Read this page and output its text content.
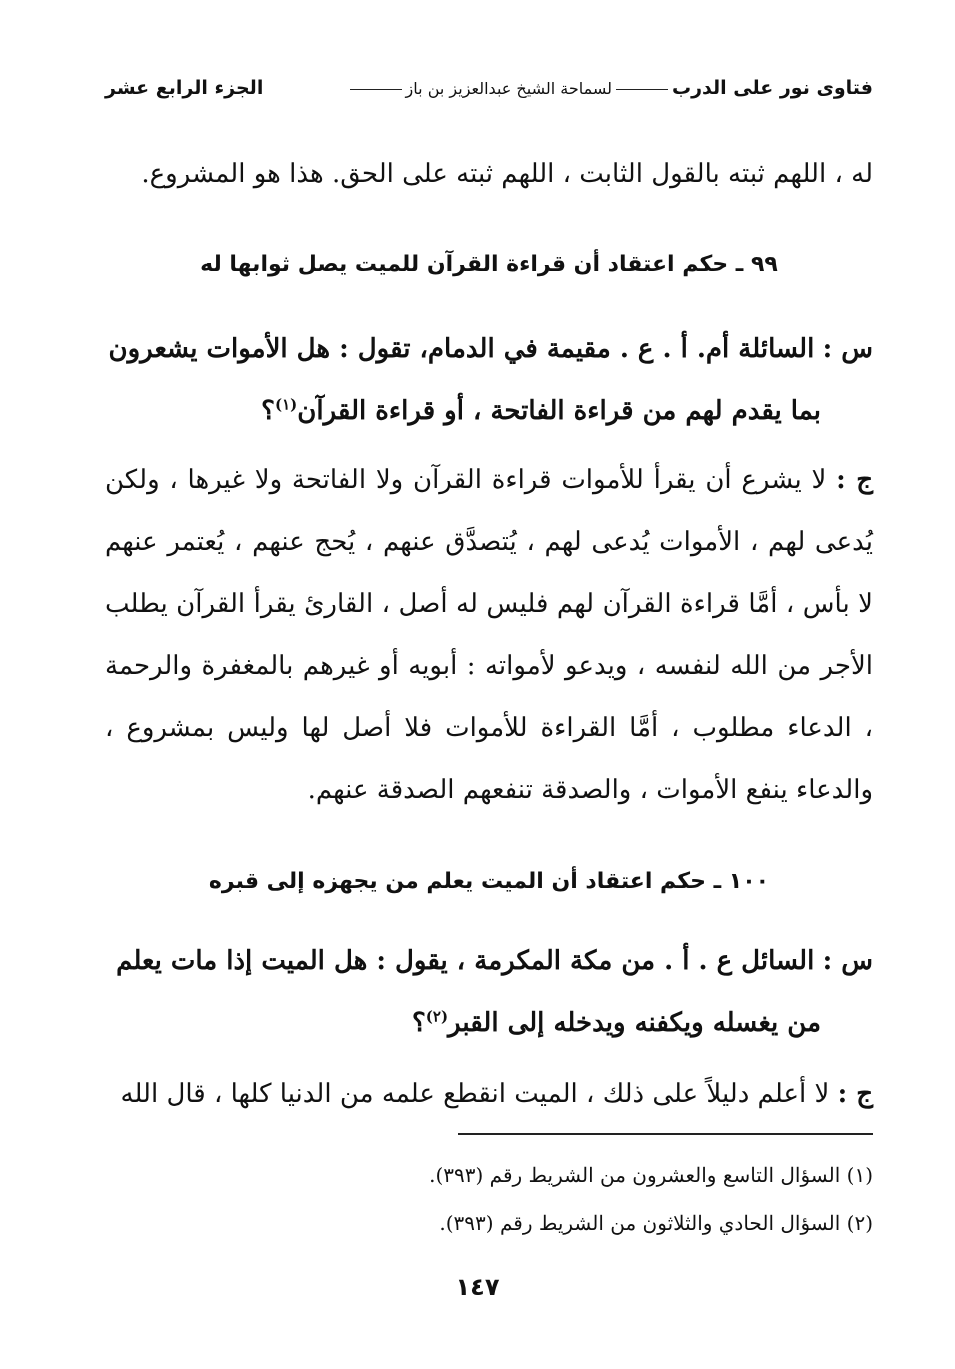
فتاوى نور على الدربلسماحة الشيخ عبدالعزيز بن باز
الجزء الرابع عشر

له ، اللهم ثبته بالقول الثابت ، اللهم ثبته على الحق. هذا هو المشروع.

٩٩ ـ حكم اعتقاد أن قراءة القرآن للميت يصل ثوابها له

س : السائلة أم. أ . ع . مقيمة في الدمام، تقول : هل الأموات يشعرون
بما يقدم لهم من قراءة الفاتحة ، أو قراءة القرآن$^{(١)}$؟

ج : لا يشرع أن يقرأ للأموات قراءة القرآن ولا الفاتحة ولا غيرها ، ولكن يُدعى لهم ، الأموات يُدعى لهم ، يُتصدَّق عنهم ، يُحج عنهم ، يُعتمر عنهم لا بأس ، أمَّا قراءة القرآن لهم فليس له أصل ، القارئ يقرأ القرآن يطلب الأجر من الله لنفسه ، ويدعو لأمواته : أبويه أو غيرهم بالمغفرة والرحمة ، الدعاء مطلوب ، أمَّا القراءة للأموات فلا أصل لها وليس بمشروع ، والدعاء ينفع الأموات ، والصدقة تنفعهم الصدقة عنهم.

١٠٠ ـ حكم اعتقاد أن الميت يعلم من يجهزه إلى قبره

س : السائل ع . أ . من مكة المكرمة ، يقول : هل الميت إذا مات يعلم
من يغسله ويكفنه ويدخله إلى القبر$^{(٢)}$؟

ج : لا أعلم دليلاً على ذلك ، الميت انقطع علمه من الدنيا كلها ، قال الله

(١) السؤال التاسع والعشرون من الشريط رقم (٣٩٣).

(٢) السؤال الحادي والثلاثون من الشريط رقم (٣٩٣).

١٤٧
